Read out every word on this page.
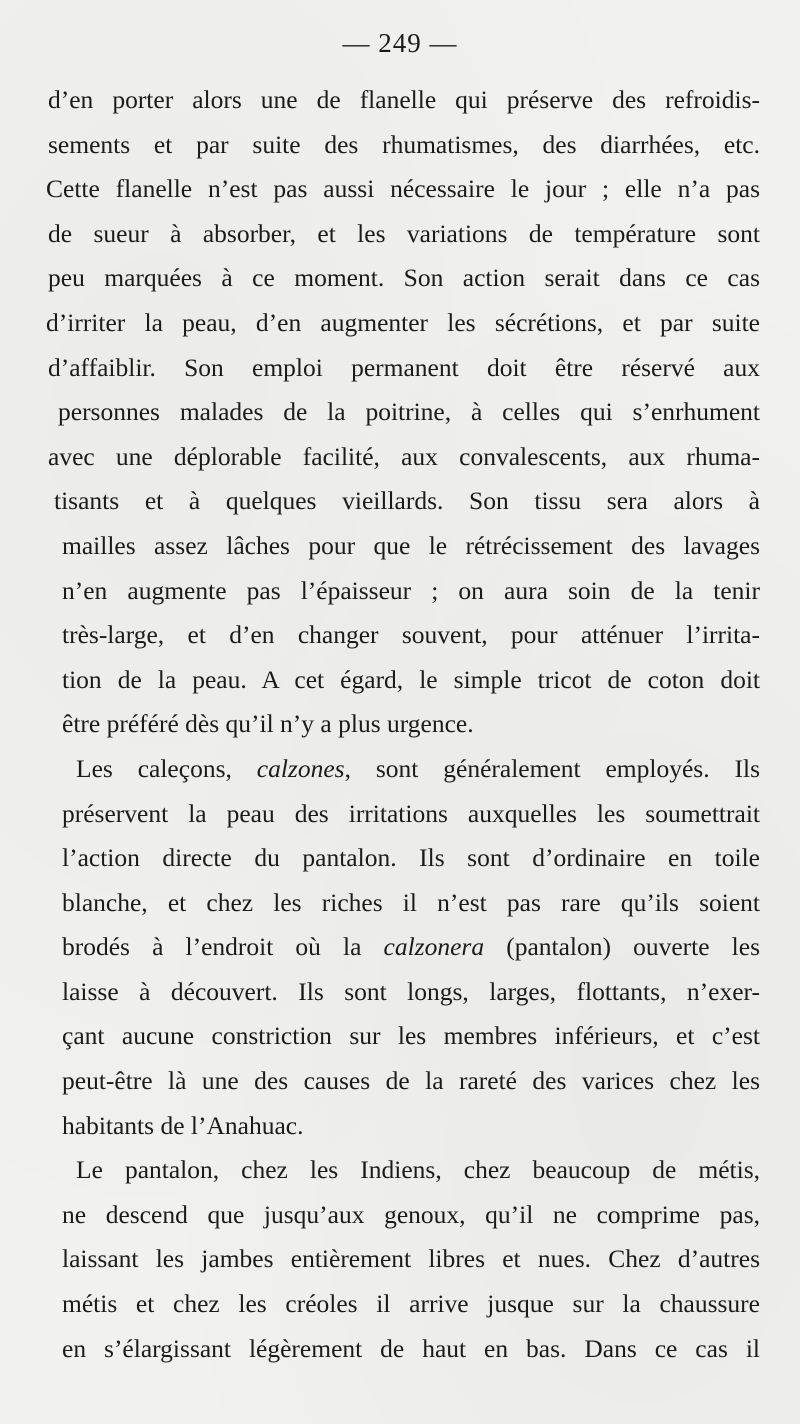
— 249 —
d’en porter alors une de flanelle qui préserve des refroidis-
sements et par suite des rhumatismes, des diarrhées, etc.
Cette flanelle n’est pas aussi nécessaire le jour ; elle n’a pas
de sueur à absorber, et les variations de température sont
peu marquées à ce moment. Son action serait dans ce cas
d’irriter la peau, d’en augmenter les sécrétions, et par suite
d’affaiblir. Son emploi permanent doit être réservé aux
personnes malades de la poitrine, à celles qui s’enrhument
avec une déplorable facilité, aux convalescents, aux rhuma-
tisants et à quelques vieillards. Son tissu sera alors à
mailles assez lâches pour que le rétrécissement des lavages
n’en augmente pas l’épaisseur ; on aura soin de la tenir
très-large, et d’en changer souvent, pour atténuer l’irrita-
tion de la peau. A cet égard, le simple tricot de coton doit
être préféré dès qu’il n’y a plus urgence.
Les caleçons, calzones, sont généralement employés. Ils
préservent la peau des irritations auxquelles les soumettrait
l’action directe du pantalon. Ils sont d’ordinaire en toile
blanche, et chez les riches il n’est pas rare qu’ils soient
brodés à l’endroit où la calzonera (pantalon) ouverte les
laisse à découvert. Ils sont longs, larges, flottants, n’exer-
çant aucune constriction sur les membres inférieurs, et c’est
peut-être là une des causes de la rareté des varices chez les
habitants de l’Anahuac.
Le pantalon, chez les Indiens, chez beaucoup de métis,
ne descend que jusqu’aux genoux, qu’il ne comprime pas,
laissant les jambes entièrement libres et nues. Chez d’autres
métis et chez les créoles il arrive jusque sur la chaussure
en s’élargissant légèrement de haut en bas. Dans ce cas il
